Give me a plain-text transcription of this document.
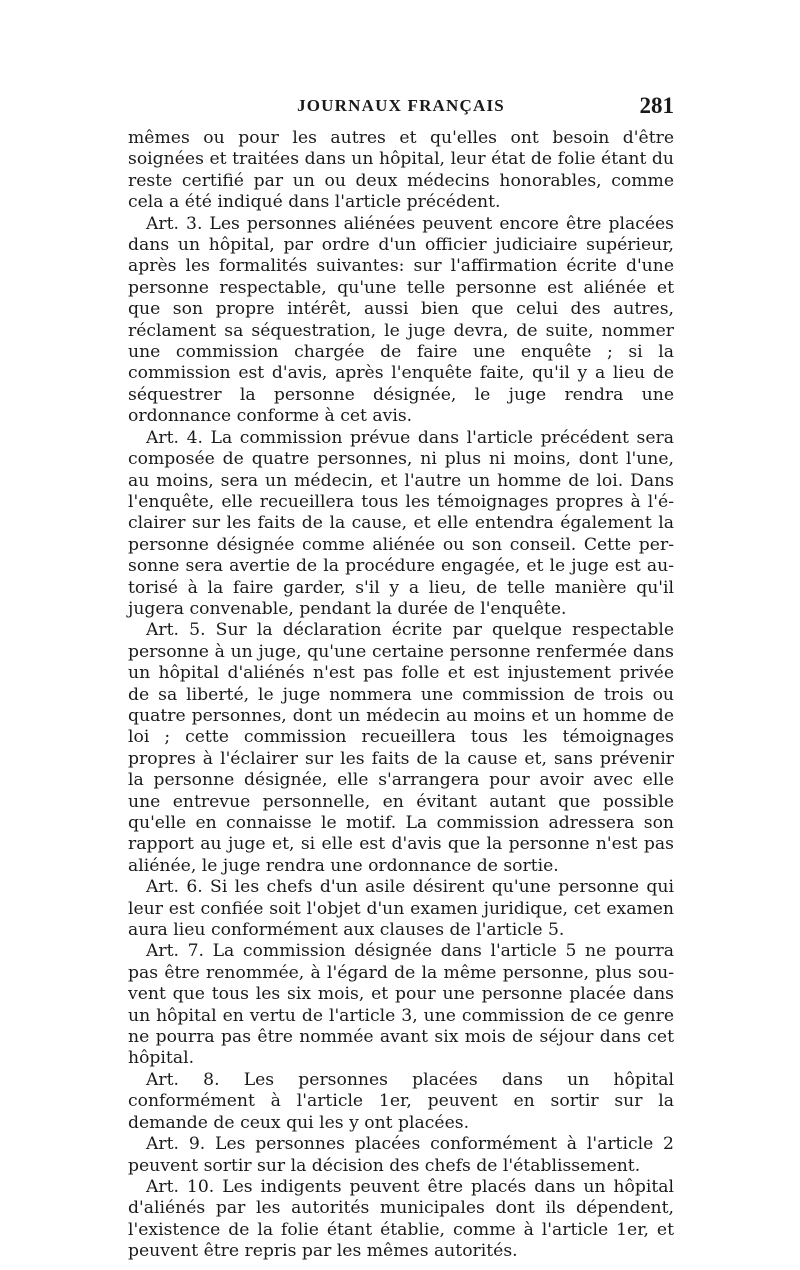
JOURNAUX FRANÇAIS	281

mêmes ou pour les autres et qu'elles ont besoin d'être soignées et traitées dans un hôpital, leur état de folie étant du reste certifié par un ou deux médecins honorables, comme cela a été indiqué dans l'article précédent.

Art. 3. Les personnes aliénées peuvent encore être placées dans un hôpital, par ordre d'un officier judiciaire supérieur, après les formalités suivantes: sur l'affirmation écrite d'une personne respectable, qu'une telle personne est aliénée et que son propre intérêt, aussi bien que celui des autres, réclament sa séquestration, le juge devra, de suite, nommer une commission chargée de faire une enquête ; si la commission est d'avis, après l'enquête faite, qu'il y a lieu de séquestrer la personne désignée, le juge rendra une ordonnance conforme à cet avis.

Art. 4. La commission prévue dans l'article précédent sera composée de quatre personnes, ni plus ni moins, dont l'une, au moins, sera un médecin, et l'autre un homme de loi. Dans l'enquête, elle recueillera tous les témoignages propres à l'éclairer sur les faits de la cause, et elle entendra également la personne désignée comme aliénée ou son conseil. Cette personne sera avertie de la procédure engagée, et le juge est autorisé à la faire garder, s'il y a lieu, de telle manière qu'il jugera convenable, pendant la durée de l'enquête.

Art. 5. Sur la déclaration écrite par quelque respectable personne à un juge, qu'une certaine personne renfermée dans un hôpital d'aliénés n'est pas folle et est injustement privée de sa liberté, le juge nommera une commission de trois ou quatre personnes, dont un médecin au moins et un homme de loi ; cette commission recueillera tous les témoignages propres à l'éclairer sur les faits de la cause et, sans prévenir la personne désignée, elle s'arrangera pour avoir avec elle une entrevue personnelle, en évitant autant que possible qu'elle en connaisse le motif. La commission adressera son rapport au juge et, si elle est d'avis que la personne n'est pas aliénée, le juge rendra une ordonnance de sortie.

Art. 6. Si les chefs d'un asile désirent qu'une personne qui leur est confiée soit l'objet d'un examen juridique, cet examen aura lieu conformément aux clauses de l'article 5.

Art. 7. La commission désignée dans l'article 5 ne pourra pas être renommée, à l'égard de la même personne, plus souvent que tous les six mois, et pour une personne placée dans un hôpital en vertu de l'article 3, une commission de ce genre ne pourra pas être nommée avant six mois de séjour dans cet hôpital.

Art. 8. Les personnes placées dans un hôpital conformément à l'article 1er, peuvent en sortir sur la demande de ceux qui les y ont placées.

Art. 9. Les personnes placées conformément à l'article 2 peuvent sortir sur la décision des chefs de l'établissement.

Art. 10. Les indigents peuvent être placés dans un hôpital d'aliénés par les autorités municipales dont ils dépendent, l'existence de la folie étant établie, comme à l'article 1er, et peuvent être repris par les mêmes autorités.
